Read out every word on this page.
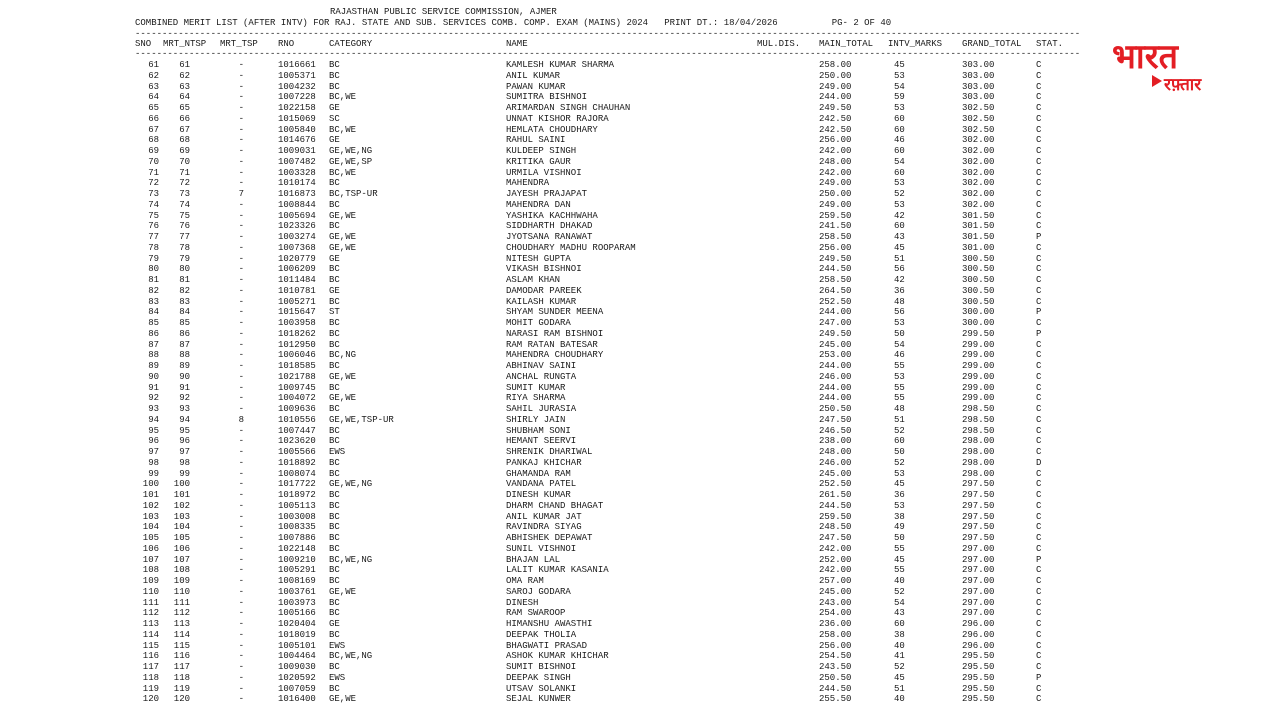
RAJASTHAN PUBLIC SERVICE COMMISSION, AJMER
COMBINED MERIT LIST (AFTER INTV) FOR RAJ. STATE AND SUB. SERVICES COMB. COMP. EXAM (MAINS) 2024   PRINT DT.: 18/04/2026          PG- 2 OF 40
-------------------------------------------------------------------------------------------------------------------------------------------------------------------------------
SNO MRT_NTSP MRT_TSP RNO	CATEGORY	NAME	MUL.DIS. MAIN_TOTAL INTV_MARKS GRAND_TOTAL STAT.
-------------------------------------------------------------------------------------------------------------------------------------------------------------------------------
61	61	-	1016661 BC	KAMLESH KUMAR SHARMA	258.00	45	303.00	C
62	62	-	1005371 BC	ANIL KUMAR	250.00	53	303.00	C
63	63	-	1004232 BC	PAWAN KUMAR	249.00	54	303.00	C
64	64	-	1007228 BC,WE	SUMITRA BISHNOI	244.00	59	303.00	C
65	65	-	1022158 GE	ARIMARDAN SINGH CHAUHAN	249.50	53	302.50	C
66	66	-	1015069 SC	UNNAT KISHOR RAJORA	242.50	60	302.50	C
67	67	-	1005840 BC,WE	HEMLATA CHOUDHARY	242.50	60	302.50	C
68	68	-	1014676 GE	RAHUL SAINI	256.00	46	302.00	C
69	69	-	1009031 GE,WE,NG	KULDEEP SINGH	242.00	60	302.00	C
70	70	-	1007482 GE,WE,SP	KRITIKA GAUR	248.00	54	302.00	C
71	71	-	1003328 BC,WE	URMILA VISHNOI	242.00	60	302.00	C
72	72	-	1010174 BC	MAHENDRA	249.00	53	302.00	C
73	73	7	1016873 BC,TSP-UR	JAYESH PRAJAPAT	250.00	52	302.00	C
74	74	-	1008844 BC	MAHENDRA DAN	249.00	53	302.00	C
75	75	-	1005694 GE,WE	YASHIKA KACHHWAHA	259.50	42	301.50	C
76	76	-	1023326 BC	SIDDHARTH DHAKAD	241.50	60	301.50	C
77	77	-	1003274 GE,WE	JYOTSANA RANAWAT	258.50	43	301.50	P
78	78	-	1007368 GE,WE	CHOUDHARY MADHU ROOPARAM	256.00	45	301.00	C
79	79	-	1020779 GE	NITESH GUPTA	249.50	51	300.50	C
80	80	-	1006209 BC	VIKASH BISHNOI	244.50	56	300.50	C
81	81	-	1011484 BC	ASLAM KHAN	258.50	42	300.50	C
82	82	-	1010781 GE	DAMODAR PAREEK	264.50	36	300.50	C
83	83	-	1005271 BC	KAILASH KUMAR	252.50	48	300.50	C
84	84	-	1015647 ST	SHYAM SUNDER MEENA	244.00	56	300.00	P
85	85	-	1003958 BC	MOHIT GODARA	247.00	53	300.00	C
86	86	-	1018262 BC	NARASI RAM BISHNOI	249.50	50	299.50	P
87	87	-	1012950 BC	RAM RATAN BATESAR	245.00	54	299.00	C
88	88	-	1006046 BC,NG	MAHENDRA CHOUDHARY	253.00	46	299.00	C
89	89	-	1018585 BC	ABHINAV SAINI	244.00	55	299.00	C
90	90	-	1021788 GE,WE	ANCHAL RUNGTA	246.00	53	299.00	C
91	91	-	1009745 BC	SUMIT KUMAR	244.00	55	299.00	C
92	92	-	1004072 GE,WE	RIYA SHARMA	244.00	55	299.00	C
93	93	-	1009636 BC	SAHIL JURASIA	250.50	48	298.50	C
94	94	8	1010556 GE,WE,TSP-UR	SHIRLY JAIN	247.50	51	298.50	C
95	95	-	1007447 BC	SHUBHAM SONI	246.50	52	298.50	C
96	96	-	1023620 BC	HEMANT SEERVI	238.00	60	298.00	C
97	97	-	1005566 EWS	SHRENIK DHARIWAL	248.00	50	298.00	C
98	98	-	1018892 BC	PANKAJ KHICHAR	246.00	52	298.00	D
99	99	-	1008074 BC	GHAMANDA RAM	245.00	53	298.00	C
100	100	-	1017722 GE,WE,NG	VANDANA PATEL	252.50	45	297.50	C
101	101	-	1018972 BC	DINESH KUMAR	261.50	36	297.50	C
102	102	-	1005113 BC	DHARM CHAND BHAGAT	244.50	53	297.50	C
103	103	-	1003008 BC	ANIL KUMAR JAT	259.50	38	297.50	C
104	104	-	1008335 BC	RAVINDRA SIYAG	248.50	49	297.50	C
105	105	-	1007886 BC	ABHISHEK DEPAWAT	247.50	50	297.50	C
106	106	-	1022148 BC	SUNIL VISHNOI	242.00	55	297.00	C
107	107	-	1009210 BC,WE,NG	BHAJAN LAL	252.00	45	297.00	P
108	108	-	1005291 BC	LALIT KUMAR KASANIA	242.00	55	297.00	C
109	109	-	1008169 BC	OMA RAM	257.00	40	297.00	C
110	110	-	1003761 GE,WE	SAROJ GODARA	245.00	52	297.00	C
111	111	-	1003973 BC	DINESH	243.00	54	297.00	C
112	112	-	1005166 BC	RAM SWAROOP	254.00	43	297.00	C
113	113	-	1020404 GE	HIMANSHU AWASTHI	236.00	60	296.00	C
114	114	-	1018019 BC	DEEPAK THOLIA	258.00	38	296.00	C
115	115	-	1005101 EWS	BHAGWATI PRASAD	256.00	40	296.00	C
116	116	-	1004464 BC,WE,NG	ASHOK KUMAR KHICHAR	254.50	41	295.50	C
117	117	-	1009030 BC	SUMIT BISHNOI	243.50	52	295.50	C
118	118	-	1020592 EWS	DEEPAK SINGH	250.50	45	295.50	P
119	119	-	1007059 BC	UTSAV SOLANKI	244.50	51	295.50	C
120	120	-	1016400 GE,WE	SEJAL KUNWER	255.50	40	295.50	C
भारत
रफ़्तार
